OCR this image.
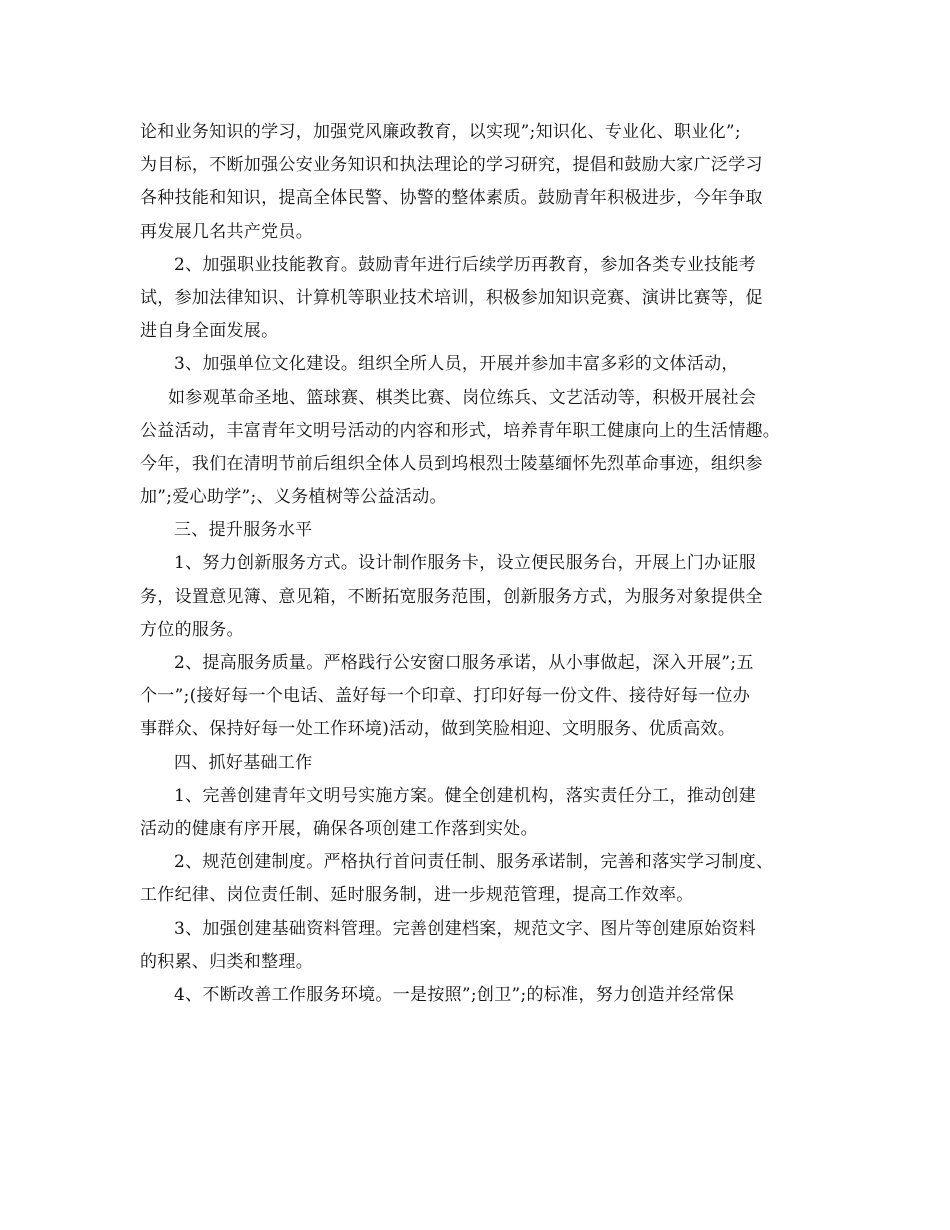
论和业务知识的学习，加强党风廉政教育，以实现”;知识化、专业化、职业化”;
为目标，不断加强公安业务知识和执法理论的学习研究，提倡和鼓励大家广泛学习
各种技能和知识，提高全体民警、协警的整体素质。鼓励青年积极进步，今年争取
再发展几名共产党员。
2、加强职业技能教育。鼓励青年进行后续学历再教育，参加各类专业技能考
试，参加法律知识、计算机等职业技术培训，积极参加知识竞赛、演讲比赛等，促
进自身全面发展。
3、加强单位文化建设。组织全所人员，开展并参加丰富多彩的文体活动，
如参观革命圣地、篮球赛、棋类比赛、岗位练兵、文艺活动等，积极开展社会
公益活动，丰富青年文明号活动的内容和形式，培养青年职工健康向上的生活情趣。
今年，我们在清明节前后组织全体人员到坞根烈士陵墓缅怀先烈革命事迹，组织参
加”;爱心助学”;、义务植树等公益活动。
三、提升服务水平
1、努力创新服务方式。设计制作服务卡，设立便民服务台，开展上门办证服
务，设置意见簿、意见箱，不断拓宽服务范围，创新服务方式，为服务对象提供全
方位的服务。
2、提高服务质量。严格践行公安窗口服务承诺，从小事做起，深入开展”;五
个一”;(接好每一个电话、盖好每一个印章、打印好每一份文件、接待好每一位办
事群众、保持好每一处工作环境)活动，做到笑脸相迎、文明服务、优质高效。
四、抓好基础工作
1、完善创建青年文明号实施方案。健全创建机构，落实责任分工，推动创建
活动的健康有序开展，确保各项创建工作落到实处。
2、规范创建制度。严格执行首问责任制、服务承诺制，完善和落实学习制度、
工作纪律、岗位责任制、延时服务制，进一步规范管理，提高工作效率。
3、加强创建基础资料管理。完善创建档案，规范文字、图片等创建原始资料
的积累、归类和整理。
4、不断改善工作服务环境。一是按照”;创卫”;的标准，努力创造并经常保
